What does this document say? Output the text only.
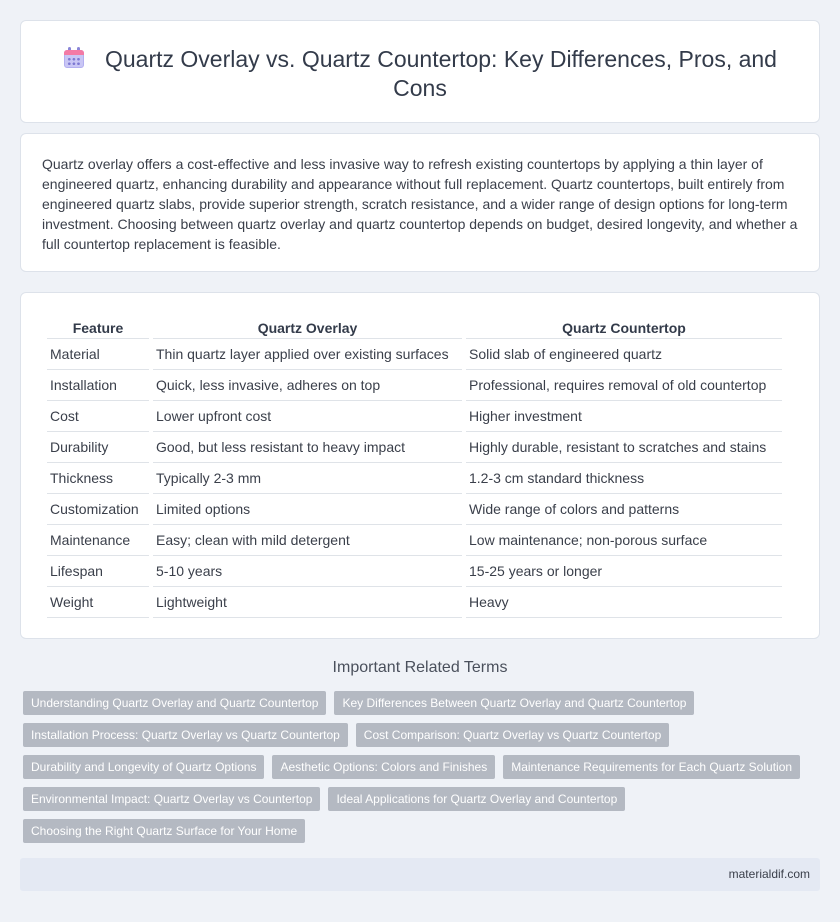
Quartz Overlay vs. Quartz Countertop: Key Differences, Pros, and Cons

Quartz overlay offers a cost-effective and less invasive way to refresh existing countertops by applying a thin layer of engineered quartz, enhancing durability and appearance without full replacement. Quartz countertops, built entirely from engineered quartz slabs, provide superior strength, scratch resistance, and a wider range of design options for long-term investment. Choosing between quartz overlay and quartz countertop depends on budget, desired longevity, and whether a full countertop replacement is feasible.

Feature	Quartz Overlay	Quartz Countertop
Material	Thin quartz layer applied over existing surfaces	Solid slab of engineered quartz
Installation	Quick, less invasive, adheres on top	Professional, requires removal of old countertop
Cost	Lower upfront cost	Higher investment
Durability	Good, but less resistant to heavy impact	Highly durable, resistant to scratches and stains
Thickness	Typically 2-3 mm	1.2-3 cm standard thickness
Customization	Limited options	Wide range of colors and patterns
Maintenance	Easy; clean with mild detergent	Low maintenance; non-porous surface
Lifespan	5-10 years	15-25 years or longer
Weight	Lightweight	Heavy
Important Related Terms
Understanding Quartz Overlay and Quartz Countertop	Key Differences Between Quartz Overlay and Quartz Countertop
Installation Process: Quartz Overlay vs Quartz Countertop	Cost Comparison: Quartz Overlay vs Quartz Countertop
Durability and Longevity of Quartz Options	Aesthetic Options: Colors and Finishes	Maintenance Requirements for Each Quartz Solution
Environmental Impact: Quartz Overlay vs Countertop	Ideal Applications for Quartz Overlay and Countertop
Choosing the Right Quartz Surface for Your Home
materialdif.com
